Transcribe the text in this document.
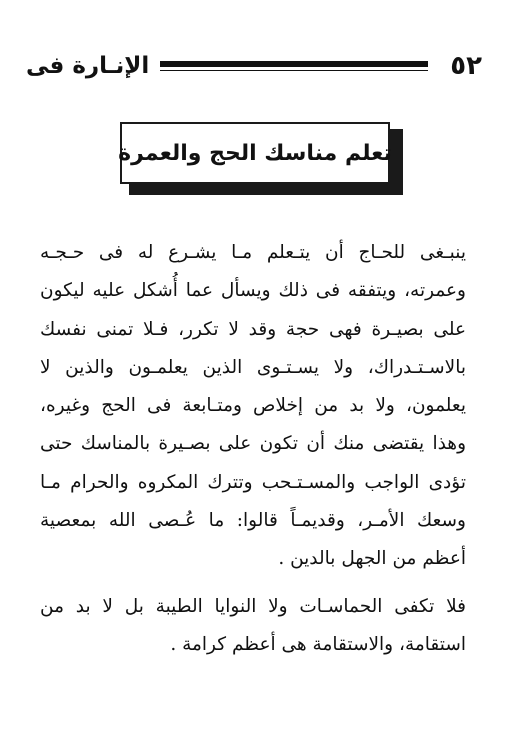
٥٢
الإنـارة فى
تعلم مناسك الحج والعمرة
ينبـغى للحـاج أن يتـعلم مـا يشـرع له فى حـجـه
وعمرته، ويتفقه فى ذلك ويسأل عما أُشكل عليه ليكون
على بصيـرة فهى حجة وقد لا تكرر، فـلا تمنى نفسك
بالاسـتـدراك، ولا يسـتـوى الذين يعلمـون والذين لا
يعلمون، ولا بد من إخلاص ومتـابعة فى الحج وغيره،
وهذا يقتضى منك أن تكون على بصـيرة بالمناسك حتى
تؤدى الواجب والمسـتـحب وتترك المكروه والحرام مـا
وسعك الأمـر، وقديمـاً قالوا: ما عُـصى الله بمعصية
أعظم من الجهل بالدين .
فلا تكفى الحماسـات ولا النوايا الطيبة بل لا بد من
استقامة، والاستقامة هى أعظم كرامة .
